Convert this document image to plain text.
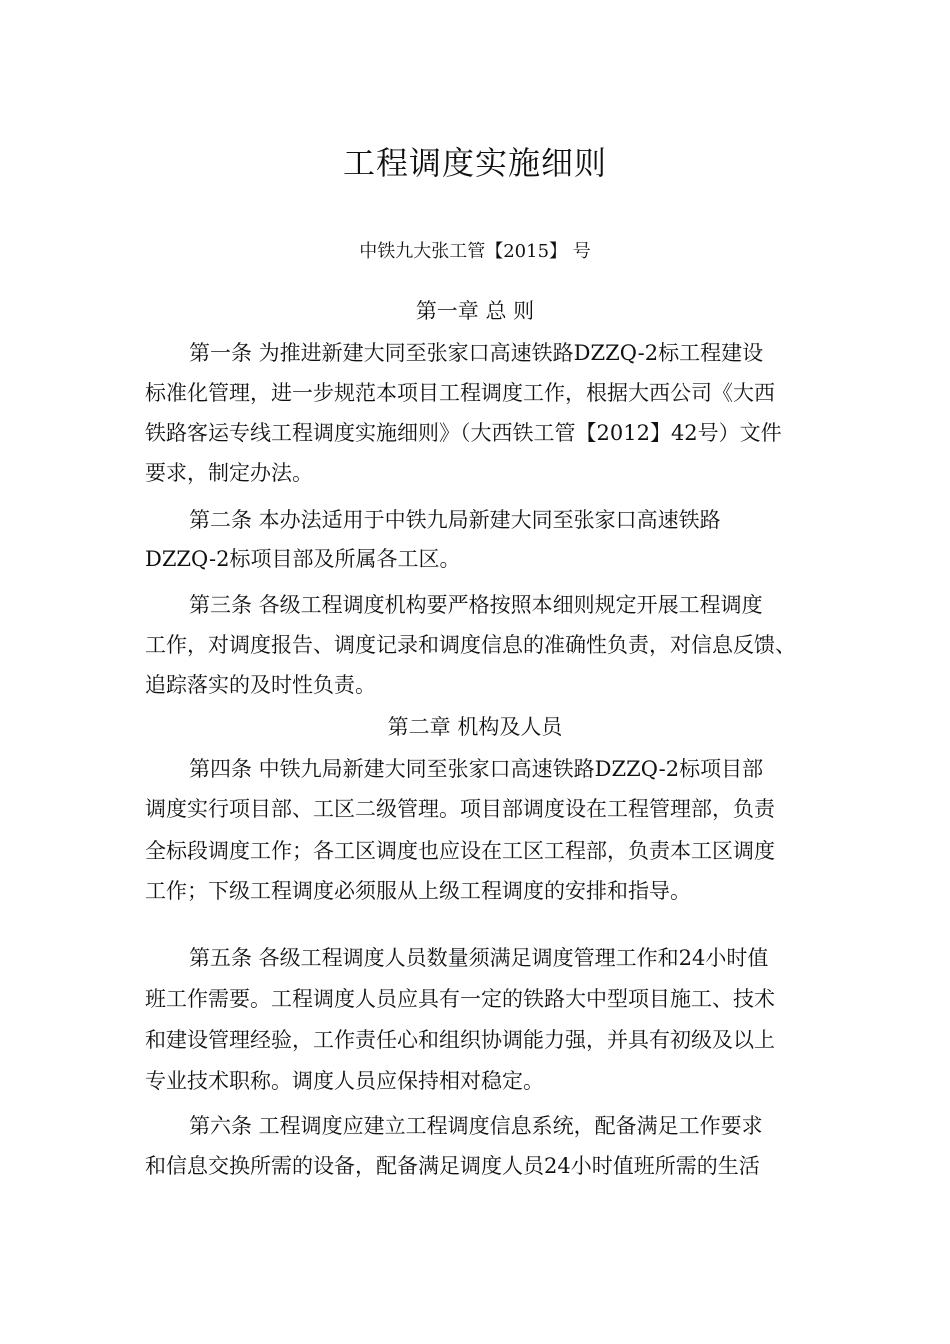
工程调度实施细则
中铁九大张工管【2015】 号
第一章 总 则
第一条 为推进新建大同至张家口高速铁路DZZQ-2标工程建设
标准化管理，进一步规范本项目工程调度工作，根据大西公司《大西
铁路客运专线工程调度实施细则》（大西铁工管【2012】42号）文件
要求，制定办法。
第二条 本办法适用于中铁九局新建大同至张家口高速铁路
DZZQ-2标项目部及所属各工区。
第三条 各级工程调度机构要严格按照本细则规定开展工程调度
工作，对调度报告、调度记录和调度信息的准确性负责，对信息反馈、
追踪落实的及时性负责。
第二章 机构及人员
第四条 中铁九局新建大同至张家口高速铁路DZZQ-2标项目部
调度实行项目部、工区二级管理。项目部调度设在工程管理部，负责
全标段调度工作；各工区调度也应设在工区工程部，负责本工区调度
工作；下级工程调度必须服从上级工程调度的安排和指导。
第五条 各级工程调度人员数量须满足调度管理工作和24小时值
班工作需要。工程调度人员应具有一定的铁路大中型项目施工、技术
和建设管理经验，工作责任心和组织协调能力强，并具有初级及以上
专业技术职称。调度人员应保持相对稳定。
第六条 工程调度应建立工程调度信息系统，配备满足工作要求
和信息交换所需的设备，配备满足调度人员24小时值班所需的生活
